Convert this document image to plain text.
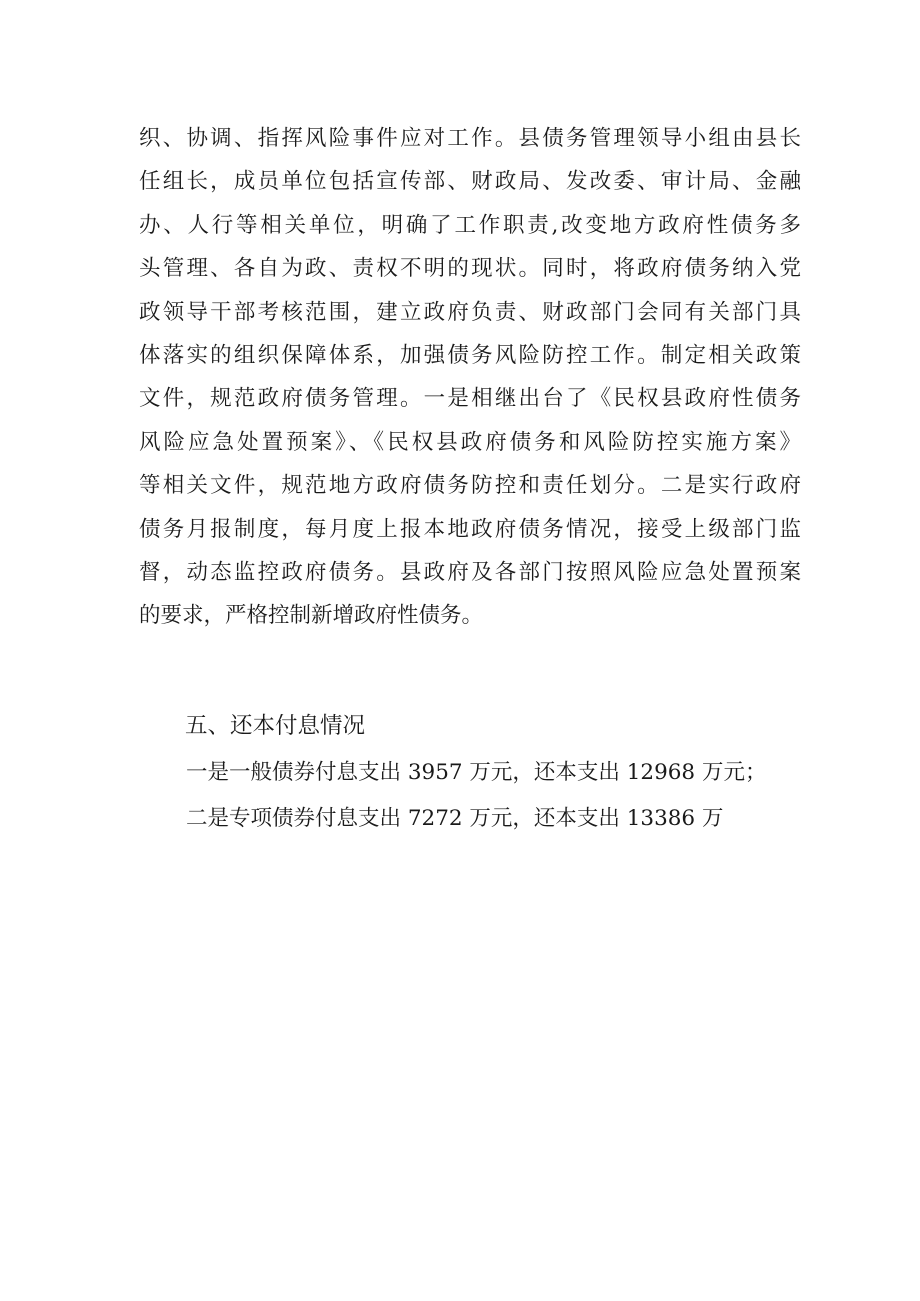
织、协调、指挥风险事件应对工作。县债务管理领导小组由县长
任组长，成员单位包括宣传部、财政局、发改委、审计局、金融
办、人行等相关单位，明确了工作职责,改变地方政府性债务多
头管理、各自为政、责权不明的现状。同时，将政府债务纳入党
政领导干部考核范围，建立政府负责、财政部门会同有关部门具
体落实的组织保障体系，加强债务风险防控工作。制定相关政策
文件，规范政府债务管理。一是相继出台了《民权县政府性债务
风险应急处置预案》、《民权县政府债务和风险防控实施方案》
等相关文件，规范地方政府债务防控和责任划分。二是实行政府
债务月报制度，每月度上报本地政府债务情况，接受上级部门监
督，动态监控政府债务。县政府及各部门按照风险应急处置预案
的要求，严格控制新增政府性债务。
五、还本付息情况
一是一般债券付息支出 3957 万元，还本支出 12968 万元；
二是专项债券付息支出 7272 万元，还本支出 13386 万
